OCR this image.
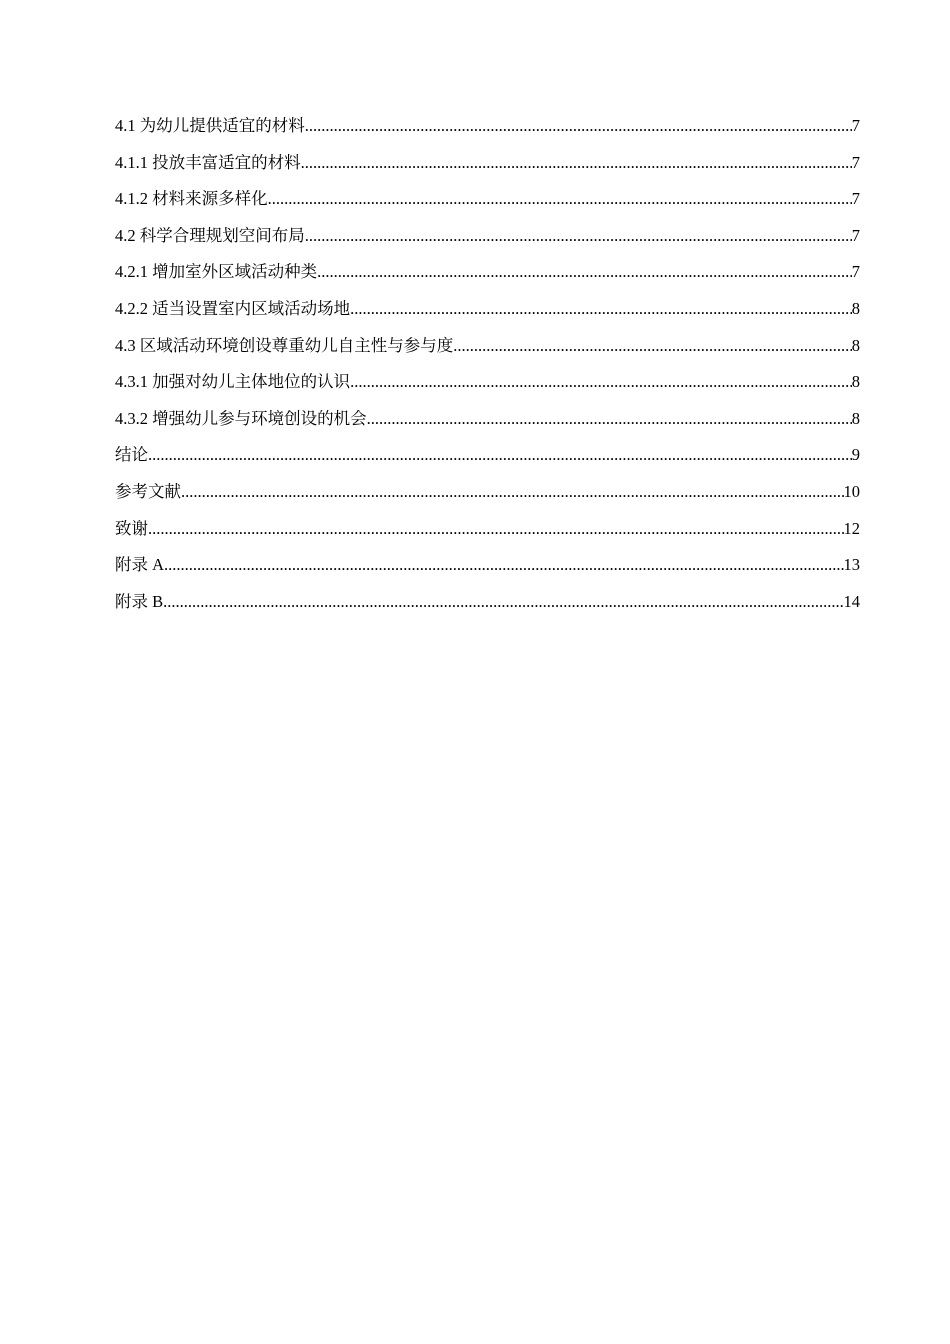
4.1 为幼儿提供适宜的材料 .....	7
4.1.1 投放丰富适宜的材料 .....	7
4.1.2 材料来源多样化 .....	7
4.2 科学合理规划空间布局 .....	7
4.2.1 增加室外区域活动种类 .....	7
4.2.2 适当设置室内区域活动场地 .....	8
4.3 区域活动环境创设尊重幼儿自主性与参与度 .....	8
4.3.1 加强对幼儿主体地位的认识 .....	8
4.3.2 增强幼儿参与环境创设的机会 .....	8
结论 .....	9
参考文献 .....	10
致谢 .....	12
附录 A .....	13
附录 B .....	14
